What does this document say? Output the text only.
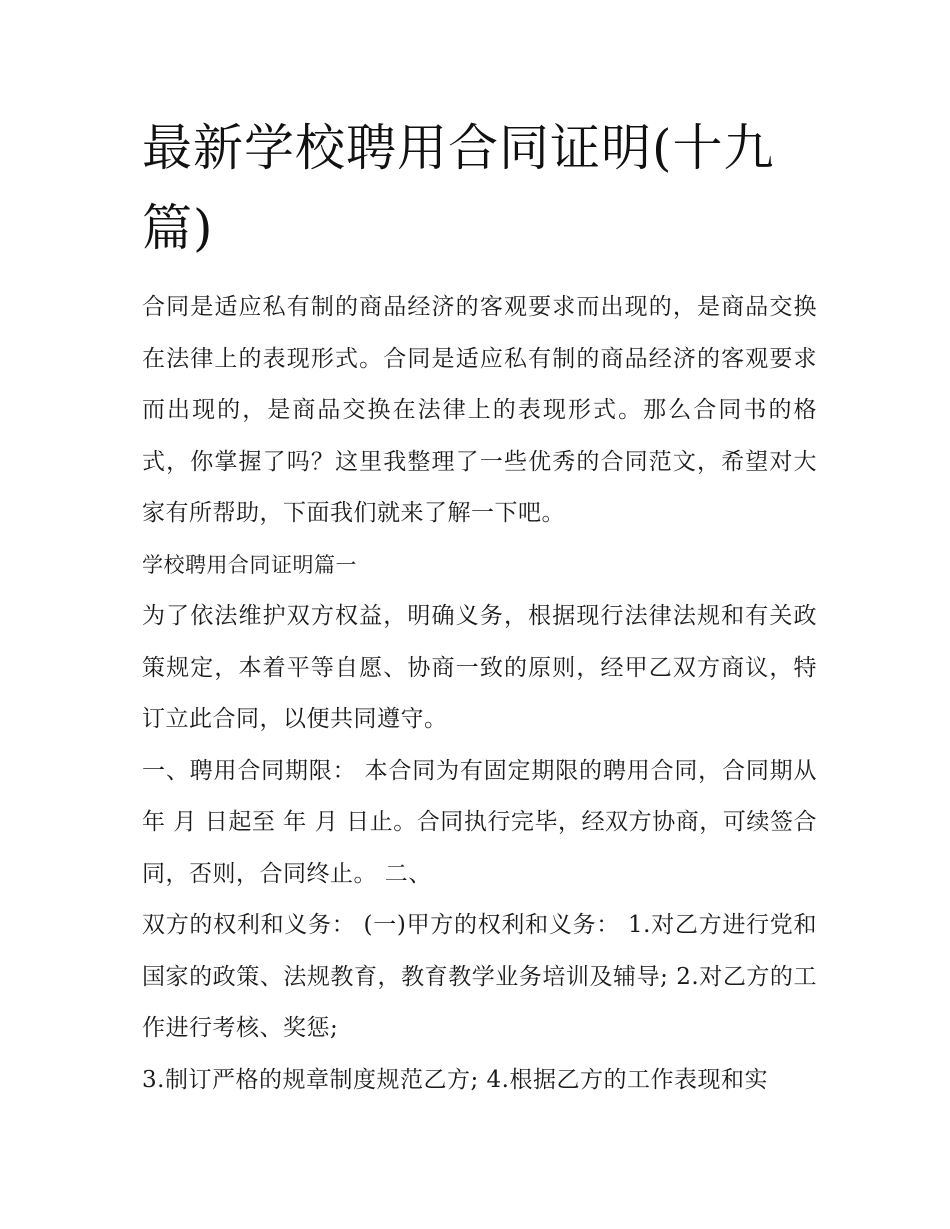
最新学校聘用合同证明(十九篇)

合同是适应私有制的商品经济的客观要求而出现的，是商品交换在法律上的表现形式。合同是适应私有制的商品经济的客观要求而出现的，是商品交换在法律上的表现形式。那么合同书的格式，你掌握了吗？这里我整理了一些优秀的合同范文，希望对大家有所帮助，下面我们就来了解一下吧。

学校聘用合同证明篇一

为了依法维护双方权益，明确义务，根据现行法律法规和有关政策规定，本着平等自愿、协商一致的原则，经甲乙双方商议，特订立此合同，以便共同遵守。

一、聘用合同期限： 本合同为有固定期限的聘用合同，合同期从 年 月 日起至 年 月 日止。合同执行完毕，经双方协商，可续签合同，否则，合同终止。 二、

双方的权利和义务： (一)甲方的权利和义务： 1.对乙方进行党和国家的政策、法规教育，教育教学业务培训及辅导; 2.对乙方的工作进行考核、奖惩;

3.制订严格的规章制度规范乙方; 4.根据乙方的工作表现和实
